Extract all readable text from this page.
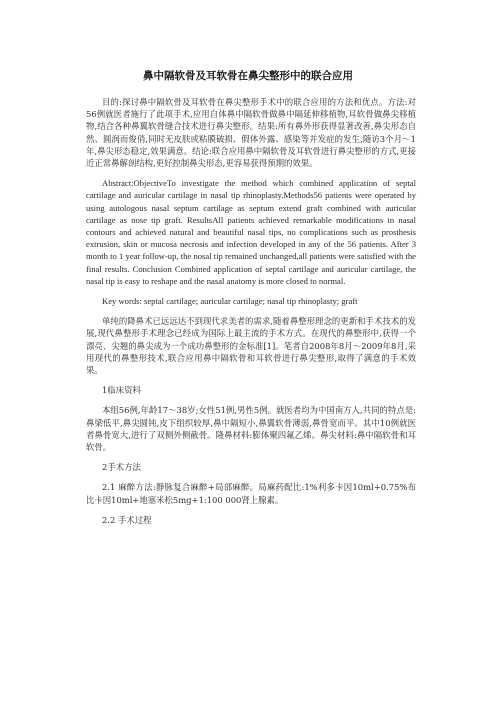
鼻中隔软骨及耳软骨在鼻尖整形中的联合应用

目的:探讨鼻中隔软骨及耳软骨在鼻尖整形手术中的联合应用的方法和优点。方法:对56例就医者施行了此项手术,应用自体鼻中隔软骨做鼻中隔延伸移植物,耳软骨做鼻尖移植物,结合各种鼻翼软骨缝合技术进行鼻尖整形。结果:所有鼻外形获得显著改善,鼻尖形态自然、圆润而俊俏,同时无皮肤或粘膜破损、假体外露、感染等并发症的发生,随访3个月～1年,鼻尖形态稳定,效果满意。结论:联合应用鼻中隔软骨及耳软骨进行鼻尖整形的方式,更接近正常鼻解剖结构,更好控制鼻尖形态,更容易获得预期的效果。

Abstract:ObjectiveTo investigate the method which combined application of septal cartilage and auricular cartilage in nasal tip rhinoplasty.Methods56 patients were operated by using autologous nasal septum cartilage as septum extend graft combined with auricular cartilage as nose tip graft. ResultsAll patients achieved remarkable modifications in nasal contours and achieved natural and beautiful nasal tips, no complications such as prosthesis extrusion, skin or mucosa necrosis and infection developed in any of the 56 patients. After 3 month to 1 year follow-up, the nosal tip remained unchanged,all patients were satisfied with the final results. Conclusion Combined application of septal cartilage and auricular cartilage, the nasal tip is easy to reshape and the nasal anatomy is more closed to normal.

Key words: septal cartilage; auricular cartilage; nasal tip rhinoplasty; graft

单纯的降鼻术已远远达不到现代求美者的需求,随着鼻整形理念的更新和手术技术的发展,现代鼻整形手术理念已经成为国际上最主流的手术方式。在现代的鼻整形中,获得一个漂亮、尖翘的鼻尖成为一个成功鼻整形的金标准[1]。笔者自2008年8月～2009年8月,采用现代的鼻整形技术,联合应用鼻中隔软骨和耳软骨进行鼻尖整形,取得了满意的手术效果。

1临床资料

本组56例,年龄17～38岁;女性51例,男性5例。就医者均为中国南方人,共同的特点是:鼻梁低平,鼻尖圆钝,皮下组织较厚,鼻中隔短小,鼻翼软骨薄弱,鼻骨宽而平。其中10例就医者鼻骨宽大,进行了双侧外侧截骨。隆鼻材料:膨体聚四氟乙烯。鼻尖材料:鼻中隔软骨和耳软骨。

2手术方法

2.1 麻醉方法:静脉复合麻醉+局部麻醉。局麻药配比:1%利多卡因10ml+0.75%布比卡因10ml+地塞米松5mg+1:100 000肾上腺素。

2.2 手术过程
